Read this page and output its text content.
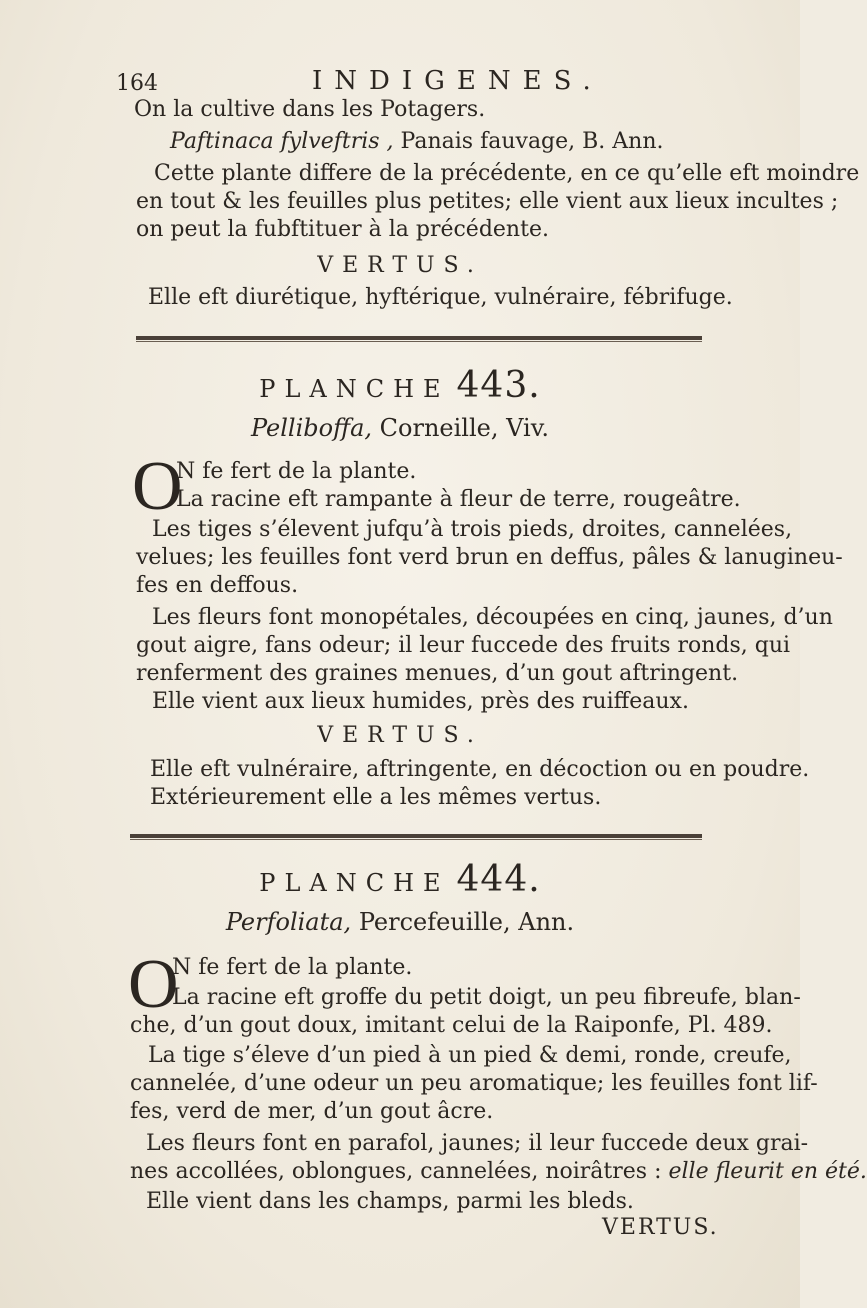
164	INDIGENES.
On la cultive dans les Potagers.
Paftinaca fylveftris , Panais fauvage, B. Ann.
Cette plante differe de la précédente, en ce qu’elle eft moindre
en tout & les feuilles plus petites; elle vient aux lieux incultes ;
on peut la fubftituer à la précédente.
VERTUS.
Elle eft diurétique, hyftérique, vulnéraire, fébrifuge.
PLANCHE 443.
Pelliboffa, Corneille, Viv.
O
N fe fert de la plante.
La racine eft rampante à fleur de terre, rougeâtre.
Les tiges s’élevent jufqu’à trois pieds, droites, cannelées,
velues; les feuilles font verd brun en deffus, pâles & lanugineu-
fes en deffous.
Les fleurs font monopétales, découpées en cinq, jaunes, d’un
gout aigre, fans odeur; il leur fuccede des fruits ronds, qui
renferment des graines menues, d’un gout aftringent.
Elle vient aux lieux humides, près des ruiffeaux.
VERTUS.
Elle eft vulnéraire, aftringente, en décoction ou en poudre.
Extérieurement elle a les mêmes vertus.
PLANCHE 444.
Perfoliata, Percefeuille, Ann.
O
N fe fert de la plante.
La racine eft groffe du petit doigt, un peu fibreufe, blan-
che, d’un gout doux, imitant celui de la Raiponfe, Pl. 489.
La tige s’éleve d’un pied à un pied & demi, ronde, creufe,
cannelée, d’une odeur un peu aromatique; les feuilles font lif-
fes, verd de mer, d’un gout âcre.
Les fleurs font en parafol, jaunes; il leur fuccede deux grai-
nes accollées, oblongues, cannelées, noirâtres : elle fleurit en été.
Elle vient dans les champs, parmi les bleds.
VERTUS.
